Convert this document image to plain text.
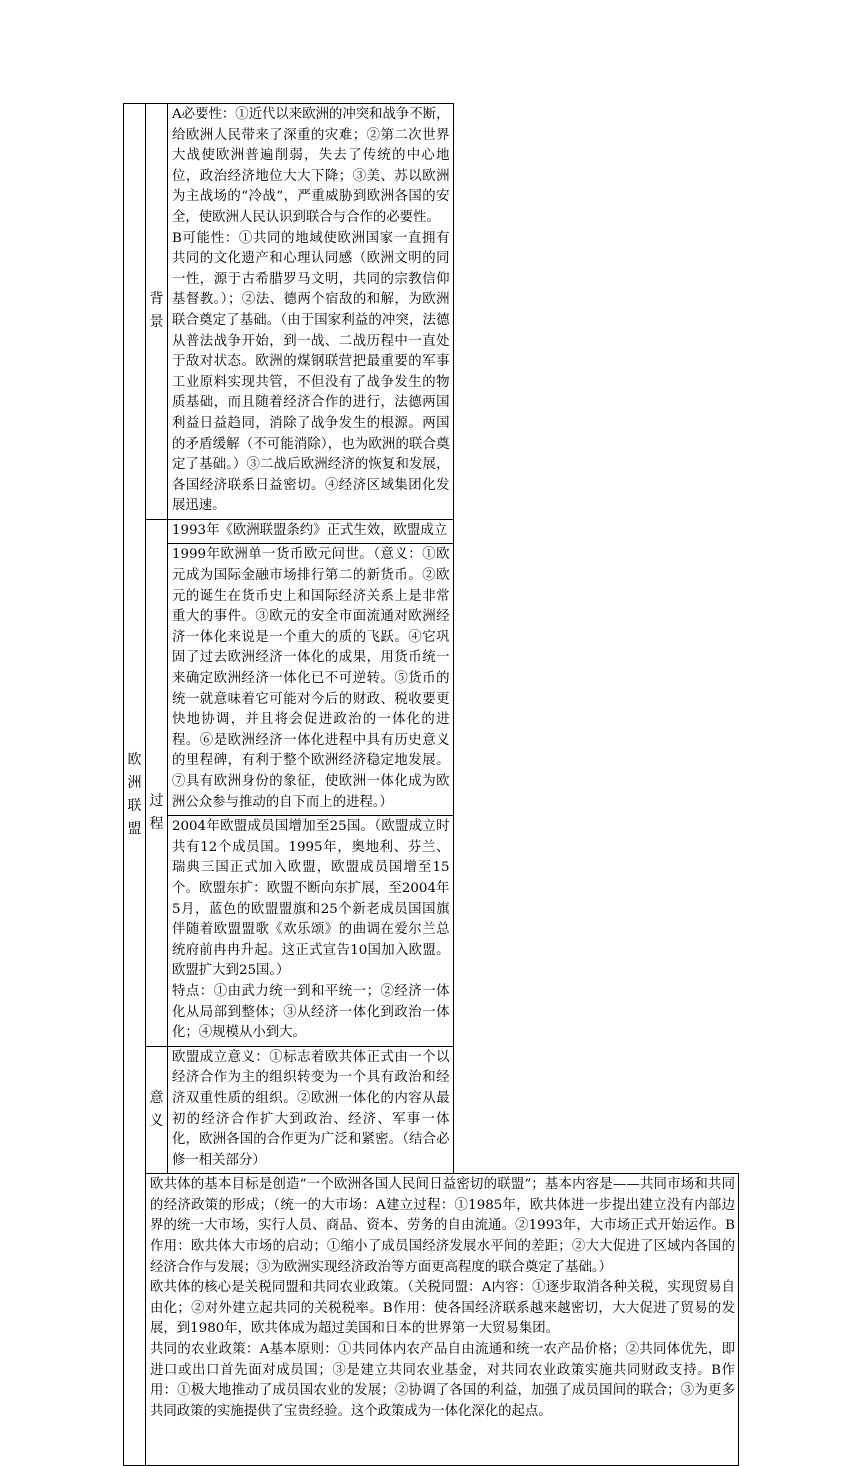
欧洲联盟	背景	A必要性：①近代以来欧洲的冲突和战争不断，给欧洲人民带来了深重的灾难；②第二次世界大战使欧洲普遍削弱，失去了传统的中心地位，政治经济地位大大下降；③美、苏以欧洲为主战场的“冷战”，严重威胁到欧洲各国的安全，使欧洲人民认识到联合与合作的必要性。

B可能性：①共同的地域使欧洲国家一直拥有共同的文化遗产和心理认同感（欧洲文明的同一性，源于古希腊罗马文明，共同的宗教信仰基督教。）；②法、德两个宿敌的和解，为欧洲联合奠定了基础。（由于国家利益的冲突，法德从普法战争开始，到一战、二战历程中一直处于敌对状态。欧洲的煤钢联营把最重要的军事工业原料实现共管，不但没有了战争发生的物质基础，而且随着经济合作的进行，法德两国利益日益趋同，消除了战争发生的根源。两国的矛盾缓解（不可能消除），也为欧洲的联合奠定了基础。）③二战后欧洲经济的恢复和发展，各国经济联系日益密切。④经济区域集团化发展迅速。

	过程	1993年《欧洲联盟条约》正式生效，欧盟成立

		1999年欧洲单一货币欧元问世。（意义：①欧元成为国际金融市场排行第二的新货币。②欧元的诞生在货币史上和国际经济关系上是非常重大的事件。③欧元的安全市面流通对欧洲经济一体化来说是一个重大的质的飞跃。④它巩固了过去欧洲经济一体化的成果，用货币统一来确定欧洲经济一体化已不可逆转。⑤货币的统一就意味着它可能对今后的财政、税收要更快地协调，并且将会促进政治的一体化的进程。⑥是欧洲经济一体化进程中具有历史意义的里程碑，有利于整个欧洲经济稳定地发展。⑦具有欧洲身份的象征，使欧洲一体化成为欧洲公众参与推动的自下而上的进程。）

		2004年欧盟成员国增加至25国。（欧盟成立时共有12个成员国。1995年，奥地利、芬兰、瑞典三国正式加入欧盟，欧盟成员国增至15个。欧盟东扩：欧盟不断向东扩展，至2004年5月，蓝色的欧盟盟旗和25个新老成员国国旗伴随着欧盟盟歌《欢乐颂》的曲调在爱尔兰总统府前冉冉升起。这正式宣告10国加入欧盟。欧盟扩大到25国。）

特点：①由武力统一到和平统一；②经济一体化从局部到整体；③从经济一体化到政治一体化；④规模从小到大。

	意义	欧盟成立意义：①标志着欧共体正式由一个以经济合作为主的组织转变为一个具有政治和经济双重性质的组织。②欧洲一体化的内容从最初的经济合作扩大到政治、经济、军事一体化，欧洲各国的合作更为广泛和紧密。（结合必修一相关部分）

	欧共体的基本目标是创造“一个欧洲各国人民间日益密切的联盟”；基本内容是——共同市场和共同的经济政策的形成；（统一的大市场：A建立过程：①1985年，欧共体进一步提出建立没有内部边界的统一大市场，实行人员、商品、资本、劳务的自由流通。②1993年，大市场正式开始运作。B作用：欧共体大市场的启动；①缩小了成员国经济发展水平间的差距；②大大促进了区域内各国的经济合作与发展；③为欧洲实现经济政治等方面更高程度的联合奠定了基础。）

欧共体的核心是关税同盟和共同农业政策。（关税同盟：A内容：①逐步取消各种关税，实现贸易自由化；②对外建立起共同的关税税率。B作用：使各国经济联系越来越密切，大大促进了贸易的发展，到1980年，欧共体成为超过美国和日本的世界第一大贸易集团。

共同的农业政策：A基本原则：①共同体内农产品自由流通和统一农产品价格；②共同体优先，即进口或出口首先面对成员国；③是建立共同农业基金，对共同农业政策实施共同财政支持。B作用：①极大地推动了成员国农业的发展；②协调了各国的利益，加强了成员国间的联合；③为更多共同政策的实施提供了宝贵经验。这个政策成为一体化深化的起点。	
